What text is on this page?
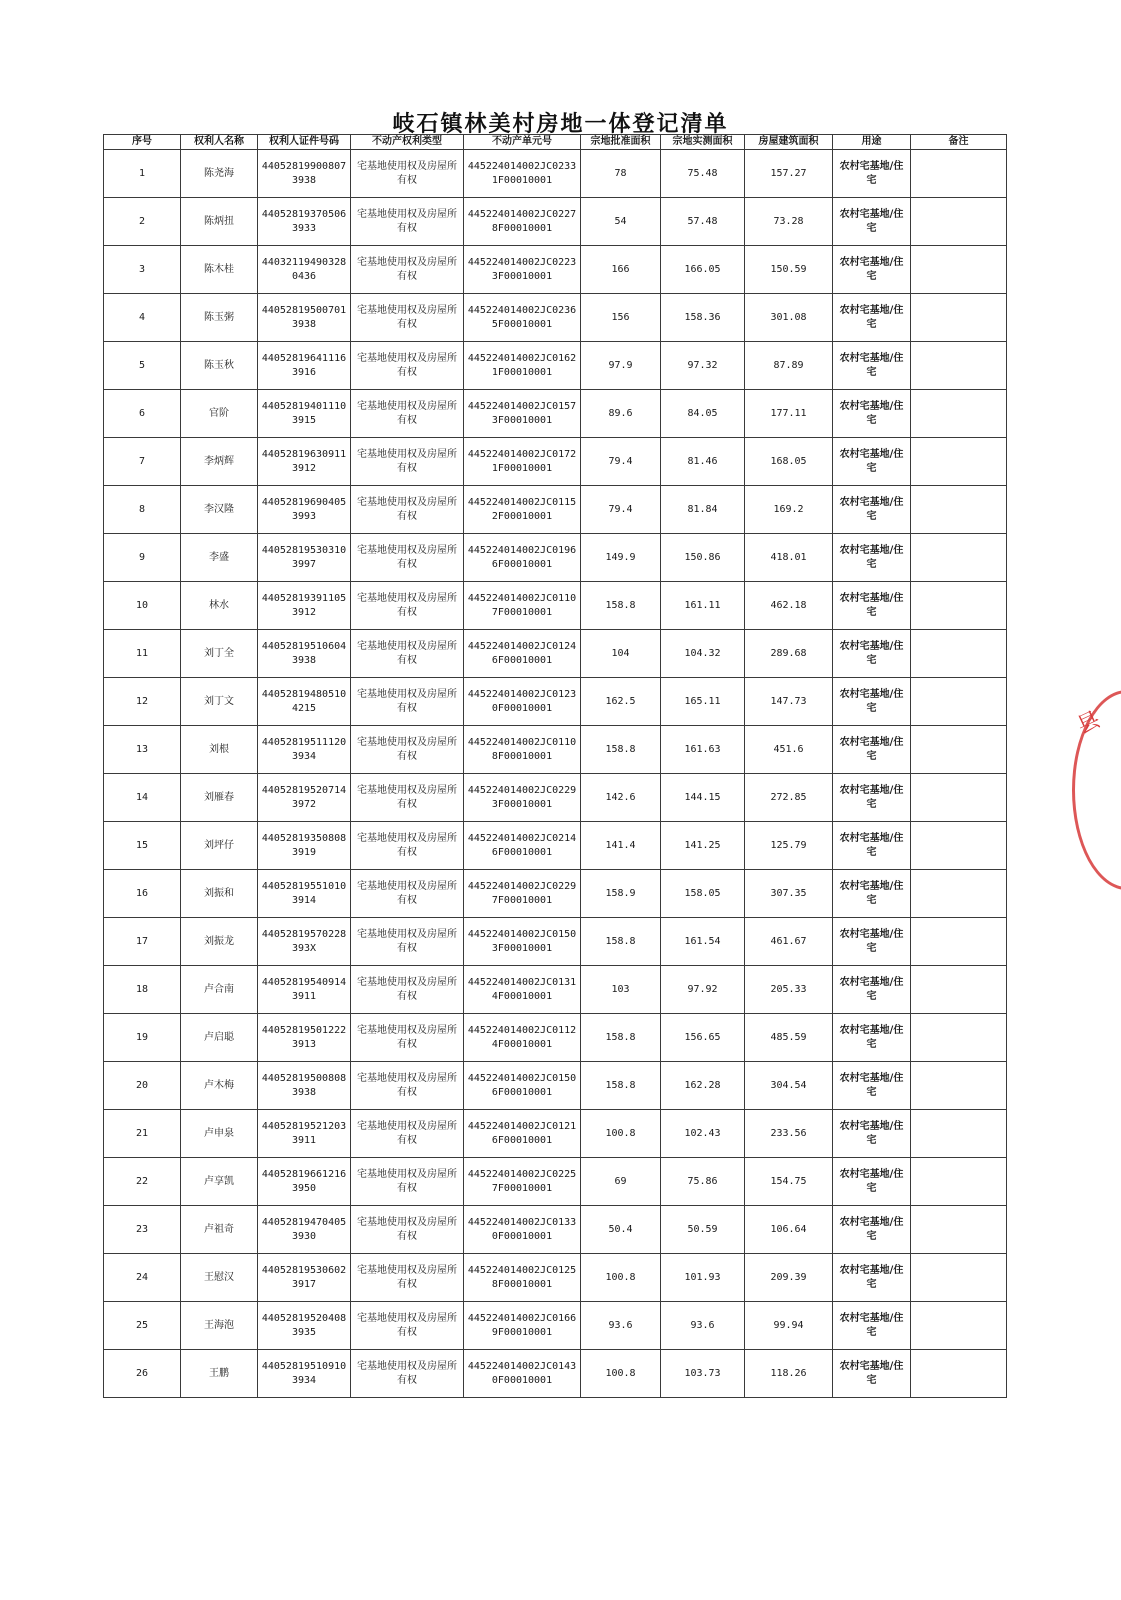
岐石镇林美村房地一体登记清单
序号	权利人名称	权利人证件号码	不动产权利类型	不动产单元号	宗地批准面积	宗地实测面积	房屋建筑面积	用途	备注
1	陈尧海	440528199008073938	宅基地使用权及房屋所有权	445224014002JC02331F00010001	78	75.48	157.27	农村宅基地/住宅	
2	陈炳扭	440528193705063933	宅基地使用权及房屋所有权	445224014002JC02278F00010001	54	57.48	73.28	农村宅基地/住宅	
3	陈木桂	440321194903280436	宅基地使用权及房屋所有权	445224014002JC02233F00010001	166	166.05	150.59	农村宅基地/住宅	
4	陈玉粥	440528195007013938	宅基地使用权及房屋所有权	445224014002JC02365F00010001	156	158.36	301.08	农村宅基地/住宅	
5	陈玉秋	440528196411163916	宅基地使用权及房屋所有权	445224014002JC01621F00010001	97.9	97.32	87.89	农村宅基地/住宅	
6	官阶	440528194011103915	宅基地使用权及房屋所有权	445224014002JC01573F00010001	89.6	84.05	177.11	农村宅基地/住宅	
7	李炳辉	440528196309113912	宅基地使用权及房屋所有权	445224014002JC01721F00010001	79.4	81.46	168.05	农村宅基地/住宅	
8	李汉隆	440528196904053993	宅基地使用权及房屋所有权	445224014002JC01152F00010001	79.4	81.84	169.2	农村宅基地/住宅	
9	李盛	440528195303103997	宅基地使用权及房屋所有权	445224014002JC01966F00010001	149.9	150.86	418.01	农村宅基地/住宅	
10	林水	440528193911053912	宅基地使用权及房屋所有权	445224014002JC01107F00010001	158.8	161.11	462.18	农村宅基地/住宅	
11	刘丁全	440528195106043938	宅基地使用权及房屋所有权	445224014002JC01246F00010001	104	104.32	289.68	农村宅基地/住宅	
12	刘丁文	440528194805104215	宅基地使用权及房屋所有权	445224014002JC01230F00010001	162.5	165.11	147.73	农村宅基地/住宅	
13	刘根	440528195111203934	宅基地使用权及房屋所有权	445224014002JC01108F00010001	158.8	161.63	451.6	农村宅基地/住宅	
14	刘雁春	440528195207143972	宅基地使用权及房屋所有权	445224014002JC02293F00010001	142.6	144.15	272.85	农村宅基地/住宅	
15	刘坪仔	440528193508083919	宅基地使用权及房屋所有权	445224014002JC02146F00010001	141.4	141.25	125.79	农村宅基地/住宅	
16	刘振和	440528195510103914	宅基地使用权及房屋所有权	445224014002JC02297F00010001	158.9	158.05	307.35	农村宅基地/住宅	
17	刘振龙	44052819570228393X	宅基地使用权及房屋所有权	445224014002JC01503F00010001	158.8	161.54	461.67	农村宅基地/住宅	
18	卢合南	440528195409143911	宅基地使用权及房屋所有权	445224014002JC01314F00010001	103	97.92	205.33	农村宅基地/住宅	
19	卢启聪	440528195012223913	宅基地使用权及房屋所有权	445224014002JC01124F00010001	158.8	156.65	485.59	农村宅基地/住宅	
20	卢木梅	440528195008083938	宅基地使用权及房屋所有权	445224014002JC01506F00010001	158.8	162.28	304.54	农村宅基地/住宅	
21	卢申泉	440528195212033911	宅基地使用权及房屋所有权	445224014002JC01216F00010001	100.8	102.43	233.56	农村宅基地/住宅	
22	卢享凯	440528196612163950	宅基地使用权及房屋所有权	445224014002JC02257F00010001	69	75.86	154.75	农村宅基地/住宅	
23	卢祖奇	440528194704053930	宅基地使用权及房屋所有权	445224014002JC01330F00010001	50.4	50.59	106.64	农村宅基地/住宅	
24	王慰汉	440528195306023917	宅基地使用权及房屋所有权	445224014002JC01258F00010001	100.8	101.93	209.39	农村宅基地/住宅	
25	王海泡	440528195204083935	宅基地使用权及房屋所有权	445224014002JC01669F00010001	93.6	93.6	99.94	农村宅基地/住宅	
26	王鹏	440528195109103934	宅基地使用权及房屋所有权	445224014002JC01430F00010001	100.8	103.73	118.26	农村宅基地/住宅	
县
